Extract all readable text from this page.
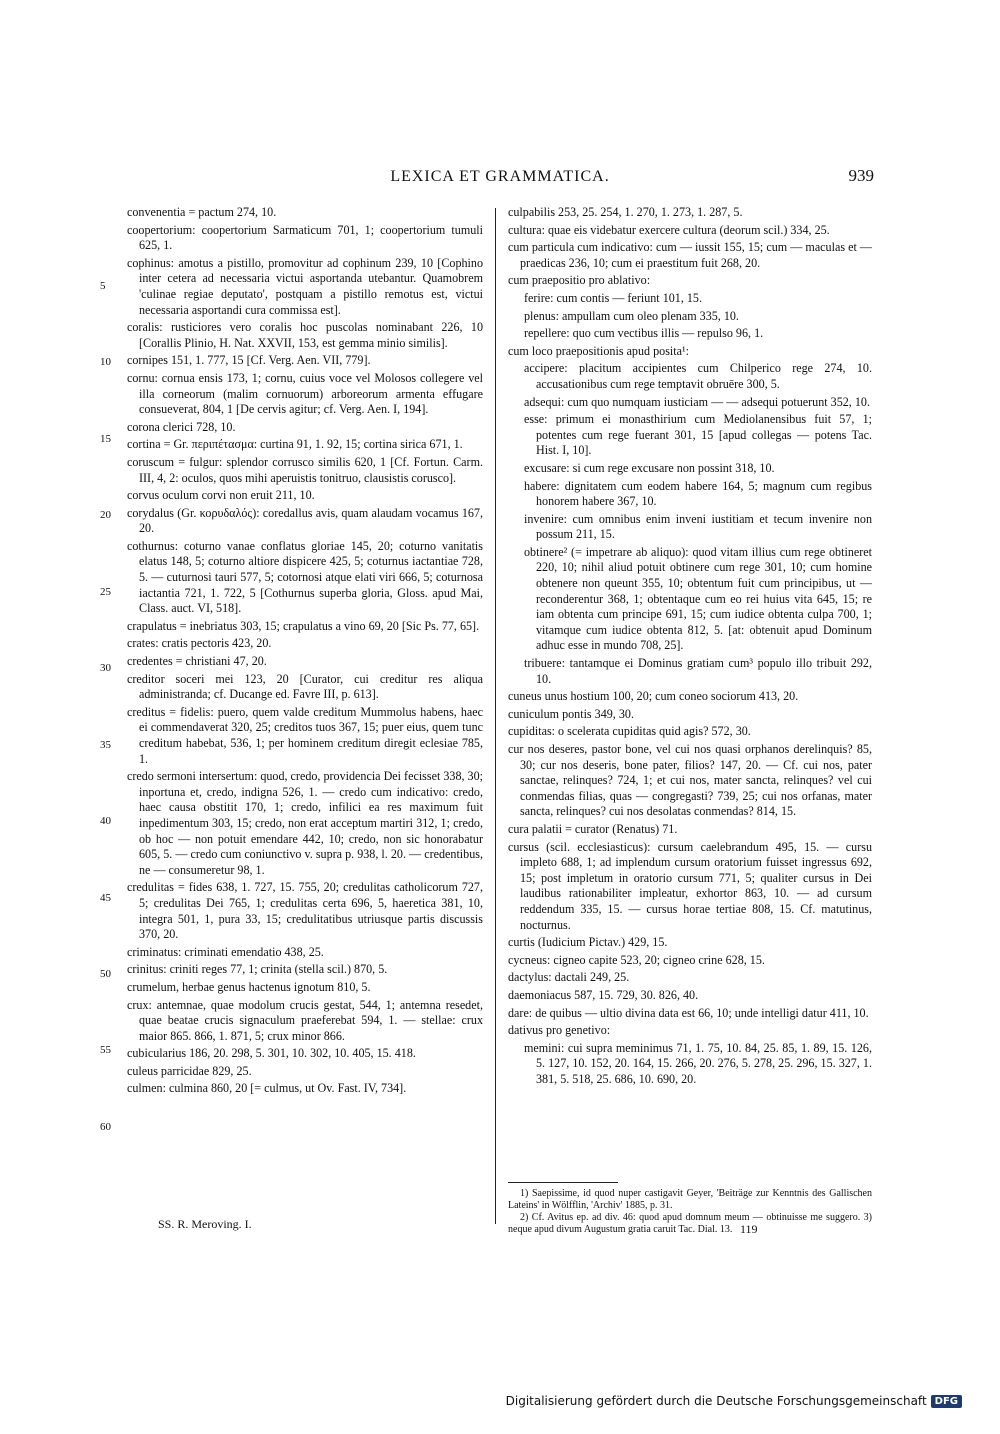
LEXICA ET GRAMMATICA.	939
5
10
15
20
25
30
35
40
45
50
55
60

convenentia = pactum 274, 10.

coopertorium: coopertorium Sarmaticum 701, 1; coopertorium tumuli 625, 1.

cophinus: amotus a pistillo, promovitur ad cophinum 239, 10 [Cophino inter cetera ad necessaria victui asportanda utebantur. Quamobrem 'culinae regiae deputato', postquam a pistillo remotus est, victui necessaria asportandi cura commissa est].

coralis: rusticiores vero coralis hoc puscolas nominabant 226, 10 [Corallis Plinio, H. Nat. XXVII, 153, est gemma minio similis].

cornipes 151, 1. 777, 15 [Cf. Verg. Aen. VII, 779].

cornu: cornua ensis 173, 1; cornu, cuius voce vel Molosos collegere vel illa corneorum (malim cornuorum) arboreorum armenta effugare consueverat, 804, 1 [De cervis agitur; cf. Verg. Aen. I, 194].

corona clerici 728, 10.

cortina = Gr. περιπέτασμα: curtina 91, 1. 92, 15; cortina sirica 671, 1.

coruscum = fulgur: splendor corrusco similis 620, 1 [Cf. Fortun. Carm. III, 4, 2: oculos, quos mihi aperuistis tonitruo, clausistis corusco].

corvus oculum corvi non eruit 211, 10.

corydalus (Gr. κορυδαλός): coredallus avis, quam alaudam vocamus 167, 20.

cothurnus: coturno vanae conflatus gloriae 145, 20; coturno vanitatis elatus 148, 5; coturno altiore dispicere 425, 5; coturnus iactantiae 728, 5. — cuturnosi tauri 577, 5; cotornosi atque elati viri 666, 5; coturnosa iactantia 721, 1. 722, 5 [Cothurnus superba gloria, Gloss. apud Mai, Class. auct. VI, 518].

crapulatus = inebriatus 303, 15; crapulatus a vino 69, 20 [Sic Ps. 77, 65].

crates: cratis pectoris 423, 20.

credentes = christiani 47, 20.

creditor soceri mei 123, 20 [Curator, cui creditur res aliqua administranda; cf. Ducange ed. Favre III, p. 613].

creditus = fidelis: puero, quem valde creditum Mummolus habens, haec ei commendaverat 320, 25; creditos tuos 367, 15; puer eius, quem tunc creditum habebat, 536, 1; per hominem creditum diregit eclesiae 785, 1.

credo sermoni intersertum: quod, credo, providencia Dei fecisset 338, 30; inportuna et, credo, indigna 526, 1. — credo cum indicativo: credo, haec causa obstitit 170, 1; credo, infilici ea res maximum fuit inpedimentum 303, 15; credo, non erat acceptum martiri 312, 1; credo, ob hoc — non potuit emendare 442, 10; credo, non sic honorabatur 605, 5. — credo cum coniunctivo v. supra p. 938, l. 20. — credentibus, ne — consumeretur 98, 1.

credulitas = fides 638, 1. 727, 15. 755, 20; credulitas catholicorum 727, 5; credulitas Dei 765, 1; credulitas certa 696, 5, haeretica 381, 10, integra 501, 1, pura 33, 15; credulitatibus utriusque partis discussis 370, 20.

criminatus: criminati emendatio 438, 25.

crinitus: criniti reges 77, 1; crinita (stella scil.) 870, 5.

crumelum, herbae genus hactenus ignotum 810, 5.

crux: antemnae, quae modolum crucis gestat, 544, 1; antemna resedet, quae beatae crucis signaculum praeferebat 594, 1. — stellae: crux maior 865. 866, 1. 871, 5; crux minor 866.

cubicularius 186, 20. 298, 5. 301, 10. 302, 10. 405, 15. 418.

culeus parricidae 829, 25.

culmen: culmina 860, 20 [= culmus, ut Ov. Fast. IV, 734].

culpabilis 253, 25. 254, 1. 270, 1. 273, 1. 287, 5.

cultura: quae eis videbatur exercere cultura (deorum scil.) 334, 25.

cum particula cum indicativo: cum — iussit 155, 15; cum — maculas et — praedicas 236, 10; cum ei praestitum fuit 268, 20.

cum praepositio pro ablativo:

ferire: cum contis — feriunt 101, 15.

plenus: ampullam cum oleo plenam 335, 10.

repellere: quo cum vectibus illis — repulso 96, 1.

cum loco praepositionis apud posita¹:

accipere: placitum accipientes cum Chilperico rege 274, 10. accusationibus cum rege temptavit obruēre 300, 5.

adsequi: cum quo numquam iusticiam — — adsequi potuerunt 352, 10.

esse: primum ei monasthirium cum Mediolanensibus fuit 57, 1; potentes cum rege fuerant 301, 15 [apud collegas — potens Tac. Hist. I, 10].

excusare: si cum rege excusare non possint 318, 10.

habere: dignitatem cum eodem habere 164, 5; magnum cum regibus honorem habere 367, 10.

invenire: cum omnibus enim inveni iustitiam et tecum invenire non possum 211, 15.

obtinere² (= impetrare ab aliquo): quod vitam illius cum rege obtineret 220, 10; nihil aliud potuit obtinere cum rege 301, 10; cum homine obtenere non queunt 355, 10; obtentum fuit cum principibus, ut — reconderentur 368, 1; obtentaque cum eo rei huius vita 645, 15; re iam obtenta cum principe 691, 15; cum iudice obtenta culpa 700, 1; vitamque cum iudice obtenta 812, 5. [at: obtenuit apud Dominum adhuc esse in mundo 708, 25].

tribuere: tantamque ei Dominus gratiam cum³ populo illo tribuit 292, 10.

cuneus unus hostium 100, 20; cum coneo sociorum 413, 20.

cuniculum pontis 349, 30.

cupiditas: o scelerata cupiditas quid agis? 572, 30.

cur nos deseres, pastor bone, vel cui nos quasi orphanos derelinquis? 85, 30; cur nos deseris, bone pater, filios? 147, 20. — Cf. cui nos, pater sanctae, relinques? 724, 1; et cui nos, mater sancta, relinques? vel cui conmendas filias, quas — congregasti? 739, 25; cui nos orfanas, mater sancta, relinques? cui nos desolatas conmendas? 814, 15.

cura palatii = curator (Renatus) 71.

cursus (scil. ecclesiasticus): cursum caelebrandum 495, 15. — cursu impleto 688, 1; ad implendum cursum oratorium fuisset ingressus 692, 15; post impletum in oratorio cursum 771, 5; qualiter cursus in Dei laudibus rationabiliter impleatur, exhortor 863, 10. — ad cursum reddendum 335, 15. — cursus horae tertiae 808, 15. Cf. matutinus, nocturnus.

curtis (Iudicium Pictav.) 429, 15.

cycneus: cigneo capite 523, 20; cigneo crine 628, 15.

dactylus: dactali 249, 25.

daemoniacus 587, 15. 729, 30. 826, 40.

dare: de quibus — ultio divina data est 66, 10; unde intelligi datur 411, 10.

dativus pro genetivo:

memini: cui supra meminimus 71, 1. 75, 10. 84, 25. 85, 1. 89, 15. 126, 5. 127, 10. 152, 20. 164, 15. 266, 20. 276, 5. 278, 25. 296, 15. 327, 1. 381, 5. 518, 25. 686, 10. 690, 20.

1) Saepissime, id quod nuper castigavit Geyer, 'Beiträge zur Kenntnis des Gallischen Lateins' in Wölfflin, 'Archiv' 1885, p. 31.

2) Cf. Avitus ep. ad div. 46: quod apud domnum meum — obtinuisse me suggero. 3) neque apud divum Augustum gratia caruit Tac. Dial. 13.

SS. R. Meroving. I.	119
Digitalisierung gefördert durch die Deutsche Forschungsgemeinschaft DFG
